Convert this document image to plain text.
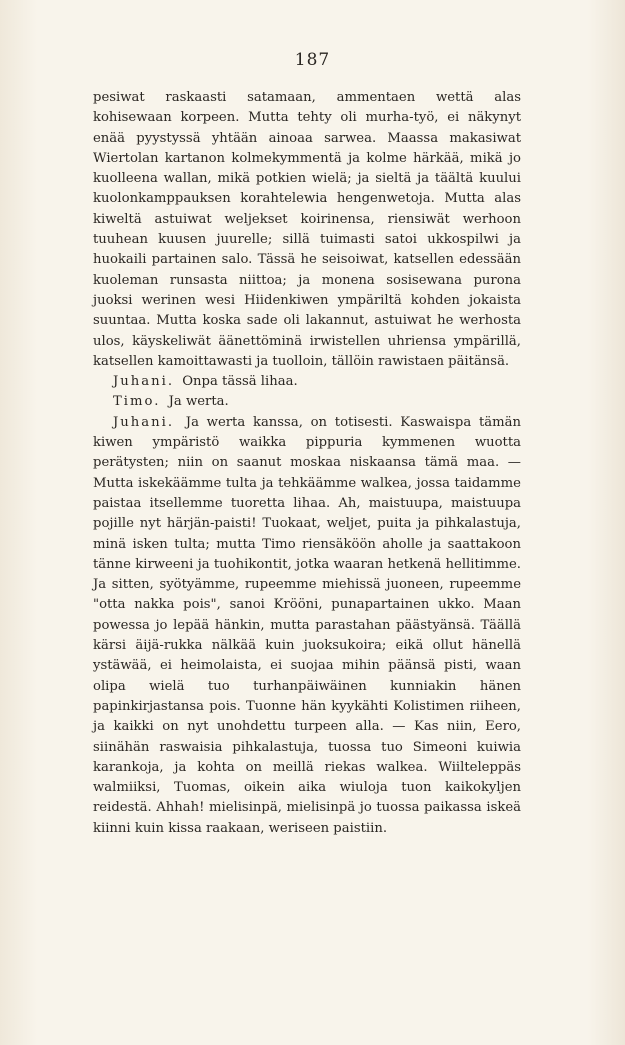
187

pesiwat raskaasti satamaan, ammentaen wettä alas kohisewaan korpeen. Mutta tehty oli murha-työ, ei näkynyt enää pyystyssä yhtään ainoaa sarwea. Maassa makasiwat Wiertolan kartanon kolmekymmentä ja kolme härkää, mikä jo kuolleena wallan, mikä potkien wielä; ja sieltä ja täältä kuului kuolonkamppauksen korahtelewia hengenwetoja. Mutta alas kiweltä astuiwat weljekset koirinensa, riensiwät werhoon tuuhean kuusen juurelle; sillä tuimasti satoi ukkospilwi ja huokaili partainen salo. Tässä he seisoiwat, katsellen edessään kuoleman runsasta niittoa; ja monena sosisewana purona juoksi werinen wesi Hiidenkiwen ympäriltä kohden jokaista suuntaa. Mutta koska sade oli lakannut, astuiwat he werhosta ulos, käyskeliwät äänettöminä irwistellen uhriensa ympärillä, katsellen kamoittawasti ja tuolloin, tällöin rawistaen päitänsä.

Juhani. Onpa tässä lihaa.

Timo. Ja werta.

Juhani. Ja werta kanssa, on totisesti. Kaswaispa tämän kiwen ympäristö waikka pippuria kymmenen wuotta perätysten; niin on saanut moskaa niskaansa tämä maa. — Mutta iskekäämme tulta ja tehkäämme walkea, jossa taidamme paistaa itsellemme tuoretta lihaa. Ah, maistuupa, maistuupa pojille nyt härjän-paisti! Tuokaat, weljet, puita ja pihkalastuja, minä isken tulta; mutta Timo riensäköön aholle ja saattakoon tänne kirweeni ja tuohikontit, jotka waaran hetkenä hellitimme. Ja sitten, syötyämme, rupeemme miehissä juoneen, rupeemme "otta nakka pois", sanoi Krööni, punapartainen ukko. Maan powessa jo lepää hänkin, mutta parastahan päästyänsä. Täällä kärsi äijä-rukka nälkää kuin juoksukoira; eikä ollut hänellä ystäwää, ei heimolaista, ei suojaa mihin päänsä pisti, waan olipa wielä tuo turhanpäiwäinen kunniakin hänen papinkirjastansa pois. Tuonne hän kyykähti Kolistimen riiheen, ja kaikki on nyt unohdettu turpeen alla. — Kas niin, Eero, siinähän raswaisia pihkalastuja, tuossa tuo Simeoni kuiwia karankoja, ja kohta on meillä riekas walkea. Wiilteleppäs walmiiksi, Tuomas, oikein aika wiuloja tuon kaikokyljen reidestä. Ahhah! mielisinpä, mielisinpä jo tuossa paikassa iskeä kiinni kuin kissa raakaan, weriseen paistiin.
